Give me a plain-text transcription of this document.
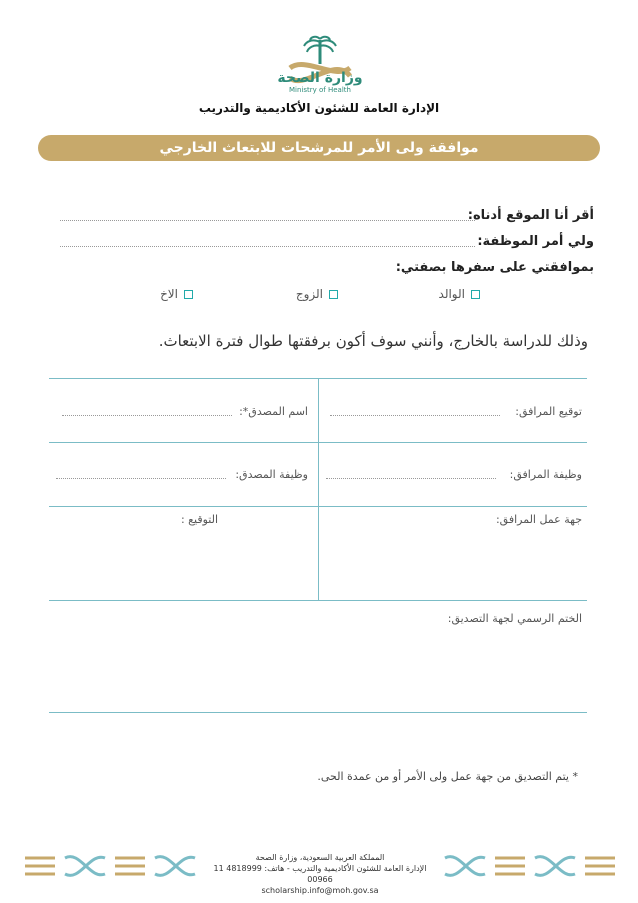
وزارة الصحة
Ministry of Health
الإدارة العامة للشئون الأكاديمية والتدريب
موافقة ولى الأمر للمرشحات للابتعاث الخارجي
أقر أنا الموقع أدناه:
ولي أمر الموظفة:
بموافقتي على سفرها بصفتي:
الوالد
الزوج
الاخ
وذلك للدراسة بالخارج، وأنني سوف أكون برفقتها طوال فترة الابتعاث.
توقيع المرافق:
اسم المصدق*:
وظيفة المرافق:
وظيفة المصدق:
جهة عمل المرافق:
التوقيع :
الختم الرسمي لجهة التصديق:
* يتم التصديق من جهة عمل ولى الأمر أو من عمدة الحى.
المملكة العربية السعودية، وزارة الصحة
الإدارة العامة للشئون الأكاديمية والتدريب - هاتف: 4818999 11 00966
scholarship.info@moh.gov.sa
